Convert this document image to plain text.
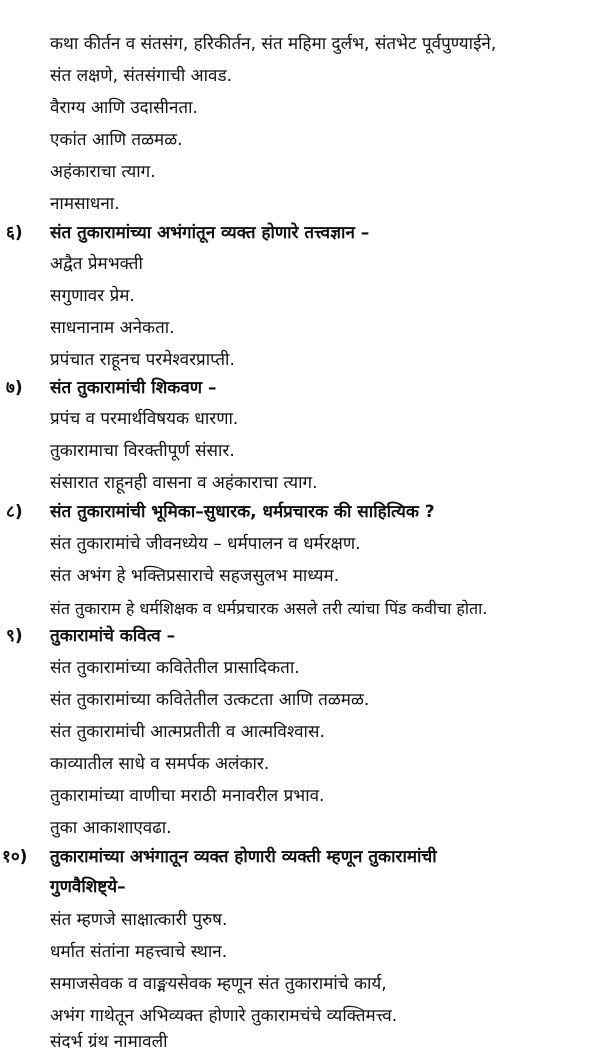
कथा कीर्तन व संतसंग, हरिकीर्तन, संत महिमा दुर्लभ, संतभेट पूर्वपुण्याईने,
संत लक्षणे, संतसंगाची आवड.
वैराग्य आणि उदासीनता.
एकांत आणि तळमळ.
अहंकाराचा त्याग.
नामसाधना.
६)	संत तुकारामांच्या अभंगांतून व्यक्त होणारे तत्त्वज्ञान –
अद्वैत प्रेमभक्ती
सगुणावर प्रेम.
साधनानाम अनेकता.
प्रपंचात राहूनच परमेश्वरप्राप्ती.
७)	संत तुकारामांची शिकवण –
प्रपंच व परमार्थविषयक धारणा.
तुकारामाचा विरक्तीपूर्ण संसार.
संसारात राहूनही वासना व अहंकाराचा त्याग.
८)	संत तुकारामांची भूमिका–सुधारक, धर्मप्रचारक की साहित्यिक ?
संत तुकारामांचे जीवनध्येय – धर्मपालन व धर्मरक्षण.
संत अभंग हे भक्तिप्रसाराचे सहजसुलभ माध्यम.
संत तुकाराम हे धर्मशिक्षक व धर्मप्रचारक असले तरी त्यांचा पिंड कवीचा होता.
९)	तुकारामांचे कवित्व –
संत तुकारामांच्या कवितेतील प्रासादिकता.
संत तुकारामांच्या कवितेतील उत्कटता आणि तळमळ.
संत तुकारामांची आत्मप्रतीती व आत्मविश्वास.
काव्यातील साधे व समर्पक अलंकार.
तुकारामांच्या वाणीचा मराठी मनावरील प्रभाव.
तुका आकाशाएवढा.
१०)	तुकारामांच्या अभंगातून व्यक्त होणारी व्यक्ती म्हणून तुकारामांची
गुणवैशिष्ट्ये–
संत म्हणजे साक्षात्कारी पुरुष.
धर्मात संतांना महत्त्वाचे स्थान.
समाजसेवक व वाङ्मयसेवक म्हणून संत तुकारामांचे कार्य,
अभंग गाथेतून अभिव्यक्त होणारे तुकारामचंचे व्यक्तिमत्त्व.
संदर्भ ग्रंथ नामावली
